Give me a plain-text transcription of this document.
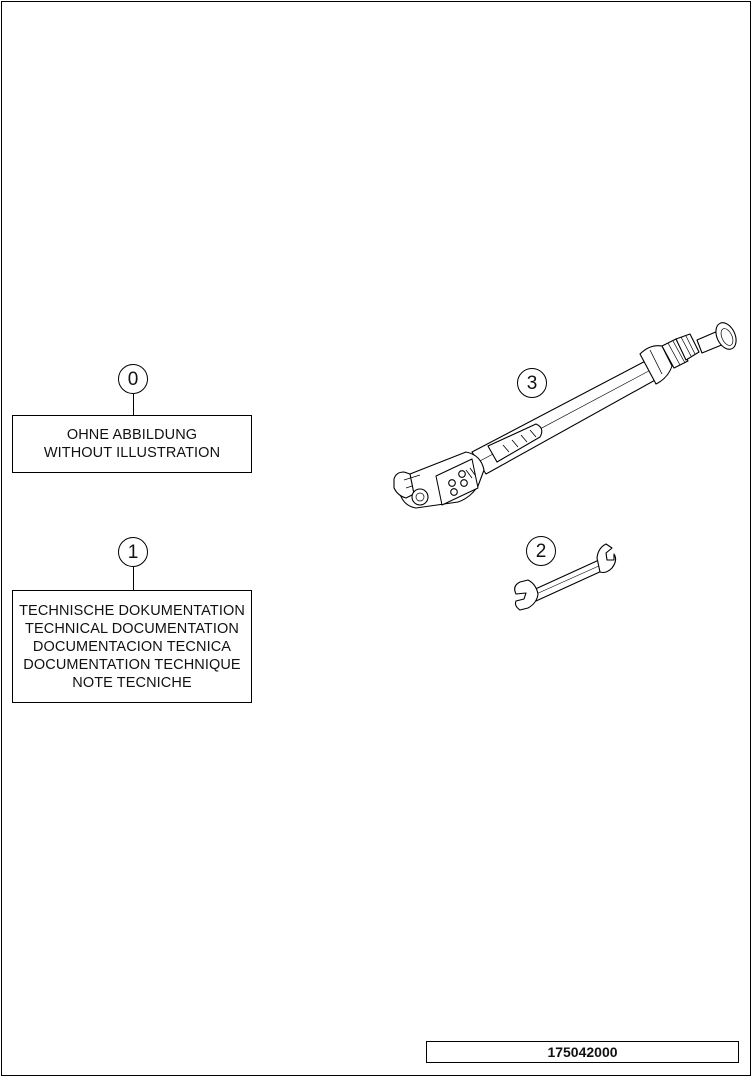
0
OHNE ABBILDUNG
WITHOUT ILLUSTRATION
1
TECHNISCHE DOKUMENTATION
TECHNICAL DOCUMENTATION
DOCUMENTACION TECNICA
DOCUMENTATION TECHNIQUE
NOTE TECNICHE
3
2
175042000
